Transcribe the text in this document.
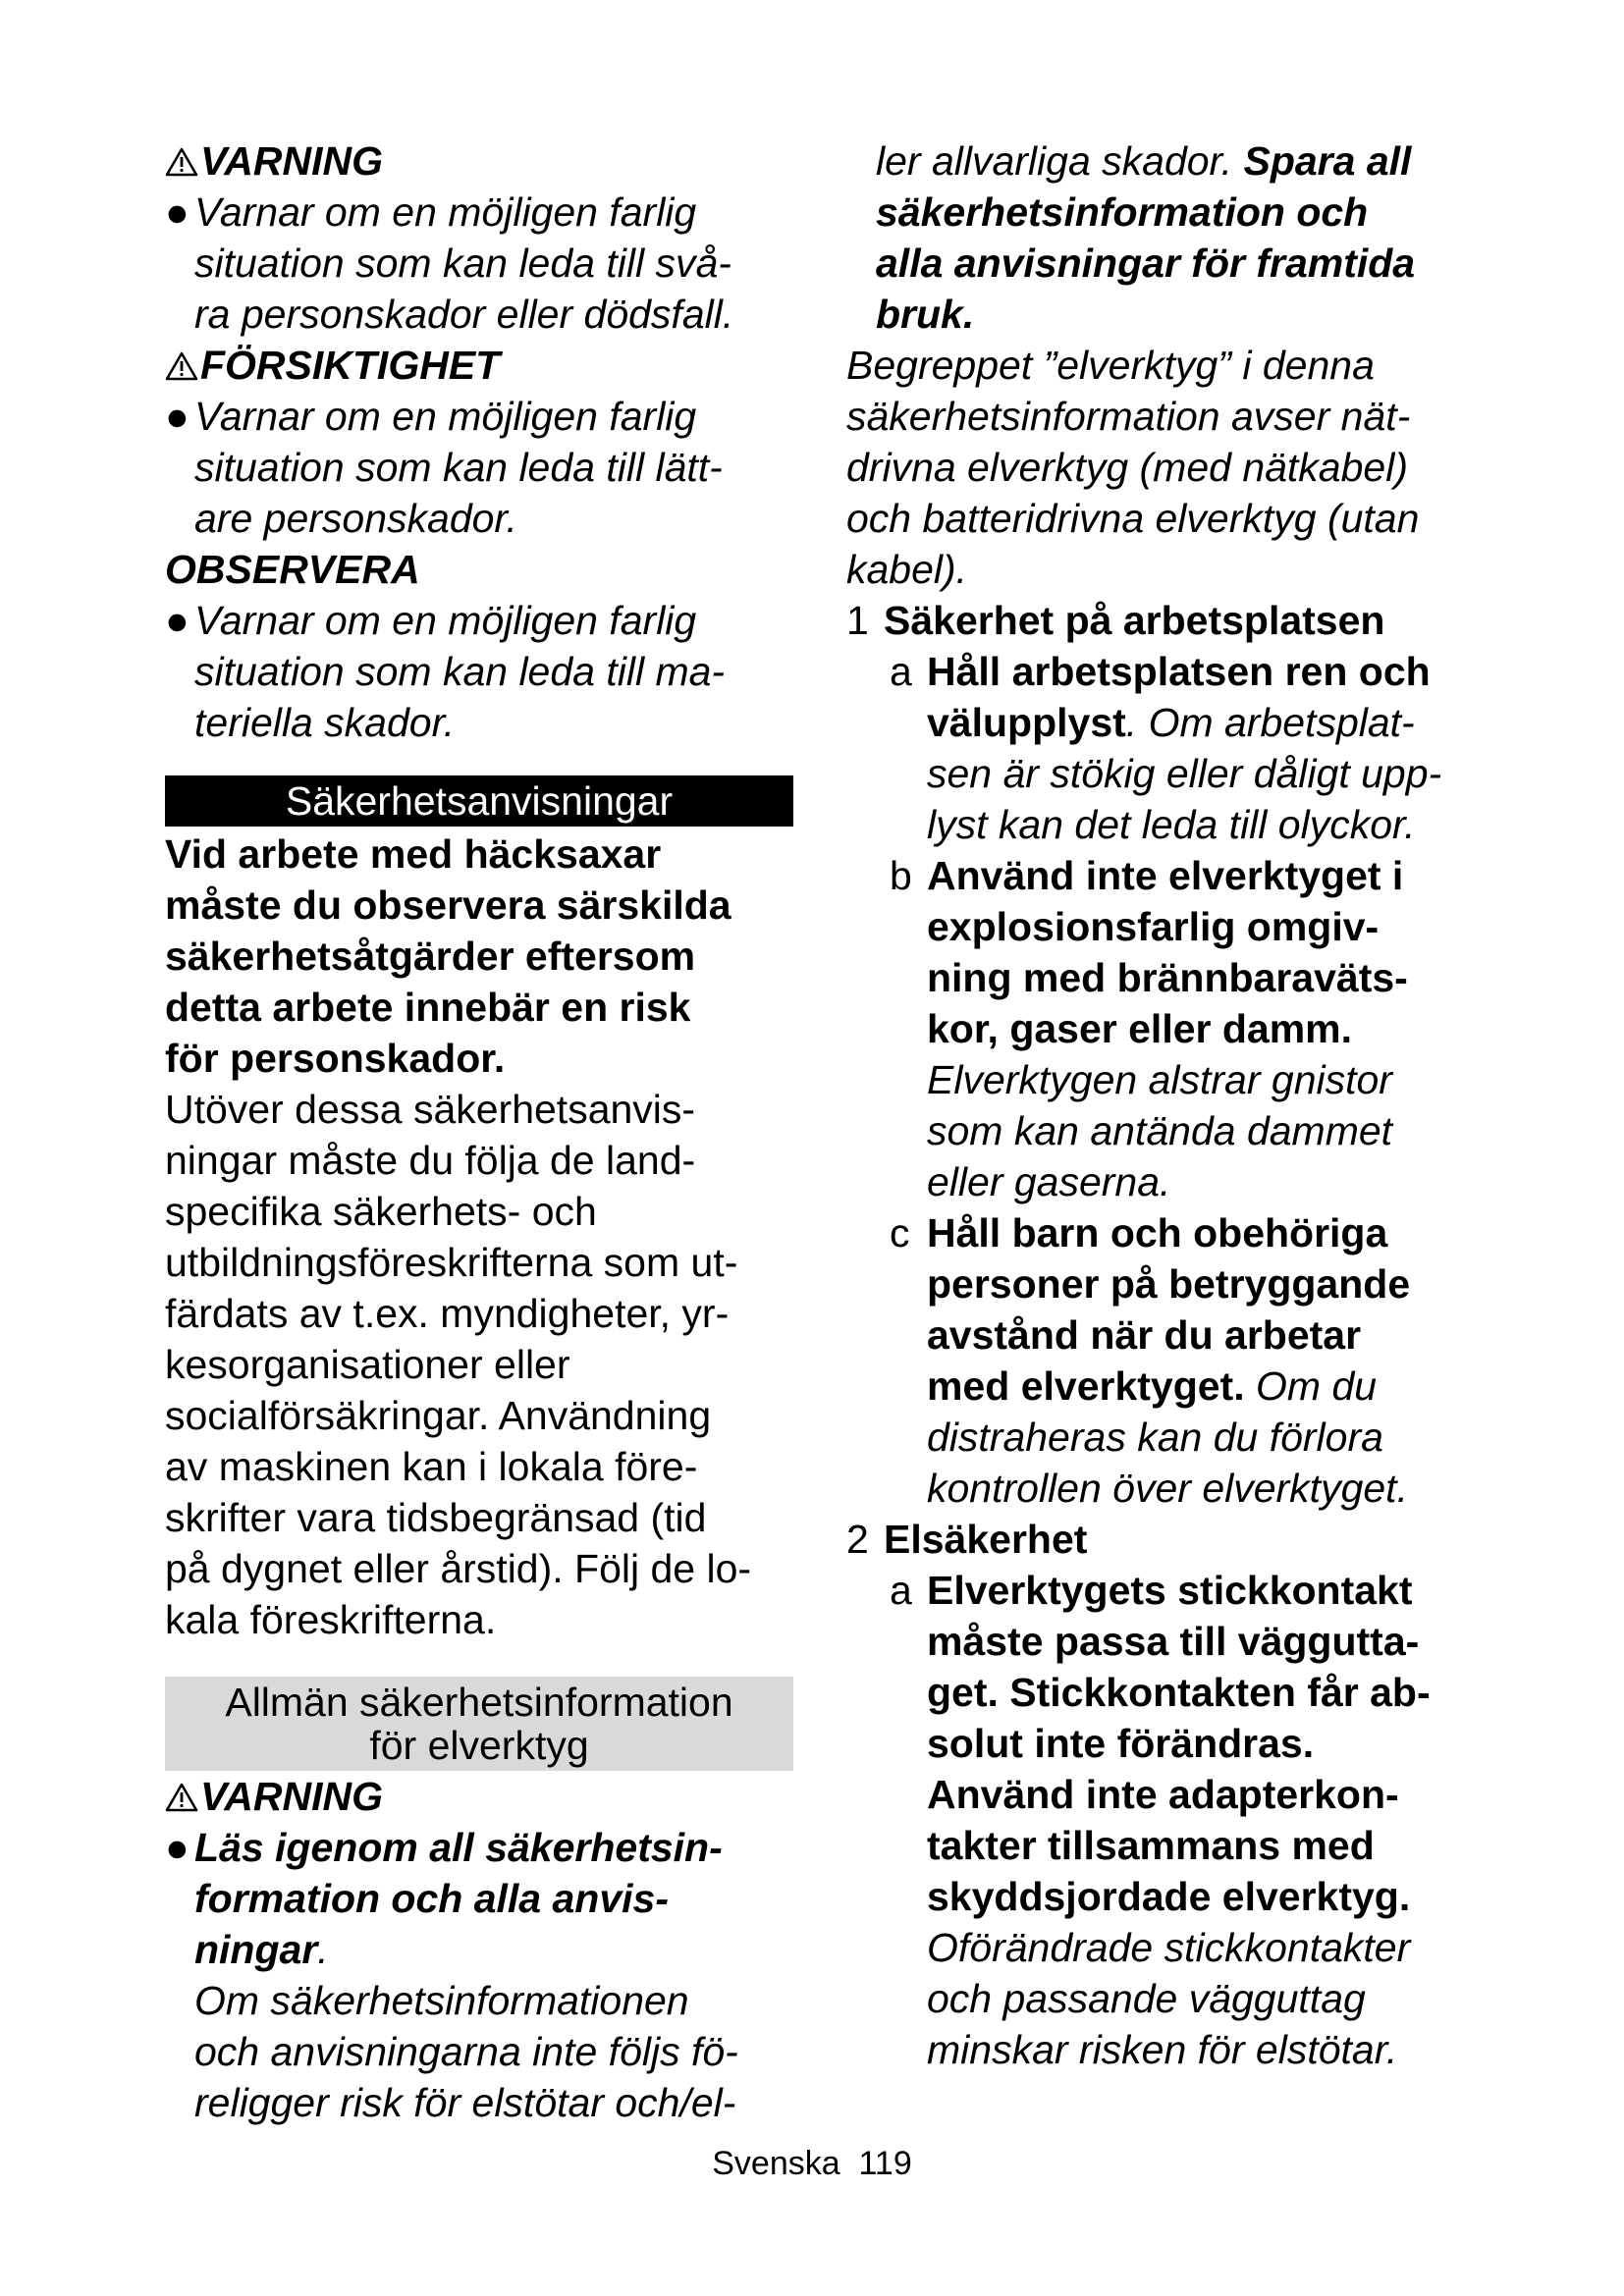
VARNING
● Varnar om en möjligen farlig
situation som kan leda till svå-
ra personskador eller dödsfall.
FÖRSIKTIGHET
● Varnar om en möjligen farlig
situation som kan leda till lätt-
are personskador.
OBSERVERA
● Varnar om en möjligen farlig
situation som kan leda till ma-
teriella skador.
Säkerhetsanvisningar
Vid arbete med häcksaxar
måste du observera särskilda
säkerhetsåtgärder eftersom
detta arbete innebär en risk
för personskador.
Utöver dessa säkerhetsanvis-
ningar måste du följa de land-
specifika säkerhets- och
utbildningsföreskrifterna som ut-
färdats av t.ex. myndigheter, yr-
kesorganisationer eller
socialförsäkringar. Användning
av maskinen kan i lokala före-
skrifter vara tidsbegränsad (tid
på dygnet eller årstid). Följ de lo-
kala föreskrifterna.
Allmän säkerhetsinformation
för elverktyg
VARNING
● Läs igenom all säkerhetsin-
formation och alla anvis-
ningar.
Om säkerhetsinformationen
och anvisningarna inte följs fö-
religger risk för elstötar och/el-
ler allvarliga skador. Spara all
säkerhetsinformation och
alla anvisningar för framtida
bruk.
Begreppet ”elverktyg” i denna
säkerhetsinformation avser nät-
drivna elverktyg (med nätkabel)
och batteridrivna elverktyg (utan
kabel).
1 Säkerhet på arbetsplatsen
a Håll arbetsplatsen ren och
välupplyst. Om arbetsplat-
sen är stökig eller dåligt upp-
lyst kan det leda till olyckor.
b Använd inte elverktyget i
explosionsfarlig omgiv-
ning med brännbaraväts-
kor, gaser eller damm.
Elverktygen alstrar gnistor
som kan antända dammet
eller gaserna.
c Håll barn och obehöriga
personer på betryggande
avstånd när du arbetar
med elverktyget. Om du
distraheras kan du förlora
kontrollen över elverktyget.
2 Elsäkerhet
a Elverktygets stickkontakt
måste passa till väggutta-
get. Stickkontakten får ab-
solut inte förändras.
Använd inte adapterkon-
takter tillsammans med
skyddsjordade elverktyg.
Oförändrade stickkontakter
och passande vägguttag
minskar risken för elstötar.
Svenska 119
